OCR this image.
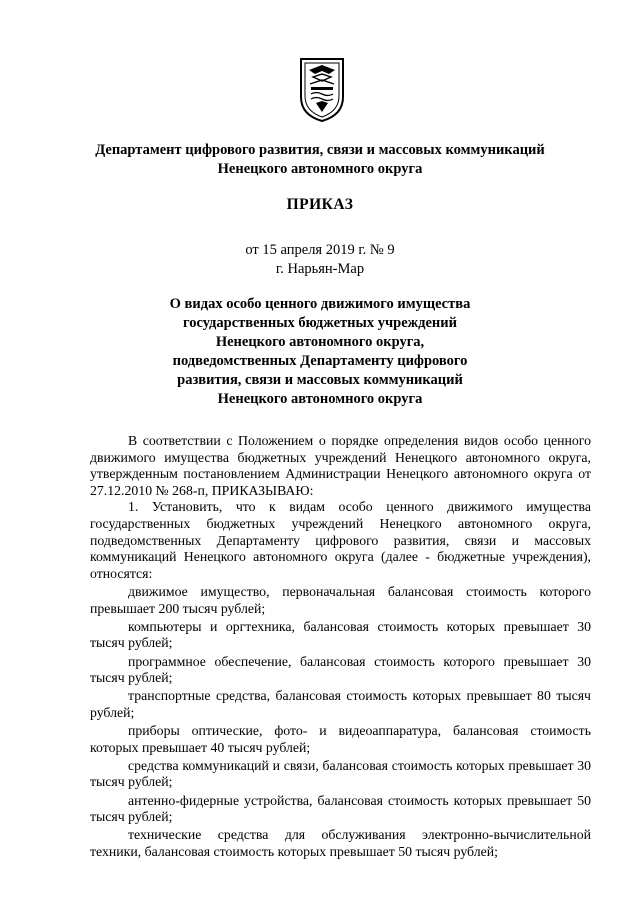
Департамент цифрового развития, связи и массовых коммуникаций
Ненецкого автономного округа
ПРИКАЗ
от 15 апреля 2019 г. № 9
г. Нарьян-Мар
О видах особо ценного движимого имущества
государственных бюджетных учреждений
Ненецкого автономного округа,
подведомственных Департаменту цифрового
развития, связи и массовых коммуникаций
Ненецкого автономного округа

В соответствии с Положением о порядке определения видов особо ценного движимого имущества бюджетных учреждений Ненецкого автономного округа, утвержденным постановлением Администрации Ненецкого автономного округа от 27.12.2010 № 268-п, ПРИКАЗЫВАЮ:

1. Установить, что к видам особо ценного движимого имущества государственных бюджетных учреждений Ненецкого автономного округа, подведомственных Департаменту цифрового развития, связи и массовых коммуникаций Ненецкого автономного округа (далее - бюджетные учреждения), относятся:

движимое имущество, первоначальная балансовая стоимость которого превышает 200 тысяч рублей;

компьютеры и оргтехника, балансовая стоимость которых превышает 30 тысяч рублей;

программное обеспечение, балансовая стоимость которого превышает 30 тысяч рублей;

транспортные средства, балансовая стоимость которых превышает 80 тысяч рублей;

приборы оптические, фото- и видеоаппаратура, балансовая стоимость которых превышает 40 тысяч рублей;

средства коммуникаций и связи, балансовая стоимость которых превышает 30 тысяч рублей;

антенно-фидерные устройства, балансовая стоимость которых превышает 50 тысяч рублей;

технические средства для обслуживания электронно-вычислительной техники, балансовая стоимость которых превышает 50 тысяч рублей;
